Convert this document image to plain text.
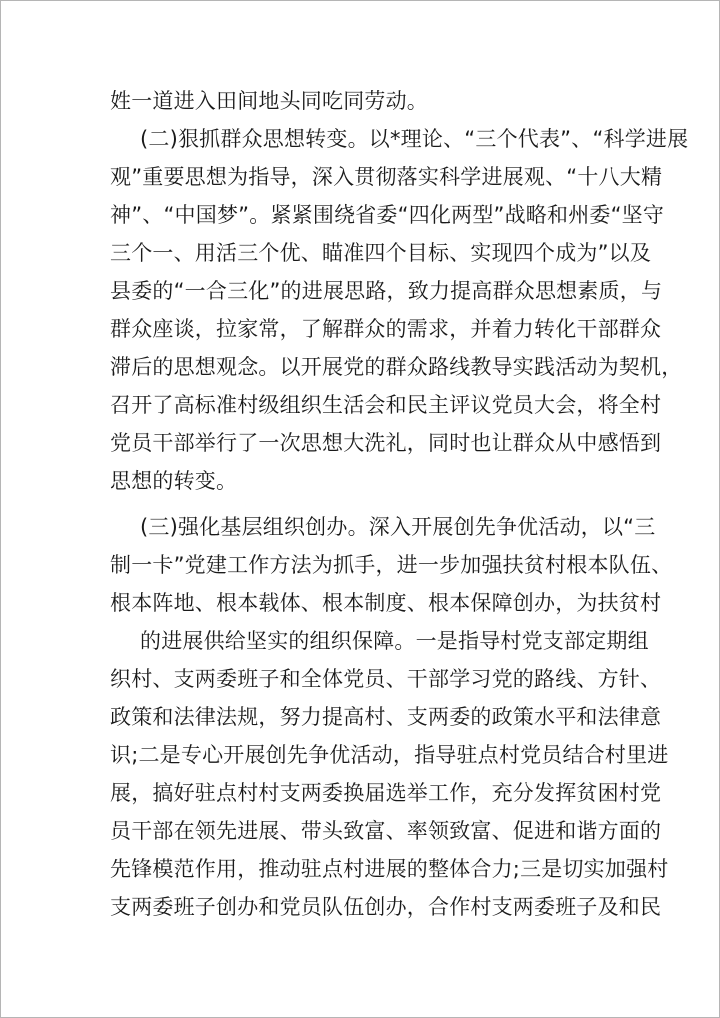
姓一道进入田间地头同吃同劳动。
(二)狠抓群众思想转变。以*理论、“三个代表”、“科学进展
观”重要思想为指导，深入贯彻落实科学进展观、“十八大精
神”、“中国梦”。紧紧围绕省委“四化两型”战略和州委“坚守
三个一、用活三个优、瞄准四个目标、实现四个成为”以及
县委的“一合三化”的进展思路，致力提高群众思想素质，与
群众座谈，拉家常，了解群众的需求，并着力转化干部群众
滞后的思想观念。以开展党的群众路线教导实践活动为契机，
召开了高标准村级组织生活会和民主评议党员大会，将全村
党员干部举行了一次思想大洗礼，同时也让群众从中感悟到
思想的转变。
(三)强化基层组织创办。深入开展创先争优活动，以“三
制一卡”党建工作方法为抓手，进一步加强扶贫村根本队伍、
根本阵地、根本载体、根本制度、根本保障创办，为扶贫村
的进展供给坚实的组织保障。一是指导村党支部定期组
织村、支两委班子和全体党员、干部学习党的路线、方针、
政策和法律法规，努力提高村、支两委的政策水平和法律意
识;二是专心开展创先争优活动，指导驻点村党员结合村里进
展，搞好驻点村村支两委换届选举工作，充分发挥贫困村党
员干部在领先进展、带头致富、率领致富、促进和谐方面的
先锋模范作用，推动驻点村进展的整体合力;三是切实加强村
支两委班子创办和党员队伍创办，合作村支两委班子及和民
